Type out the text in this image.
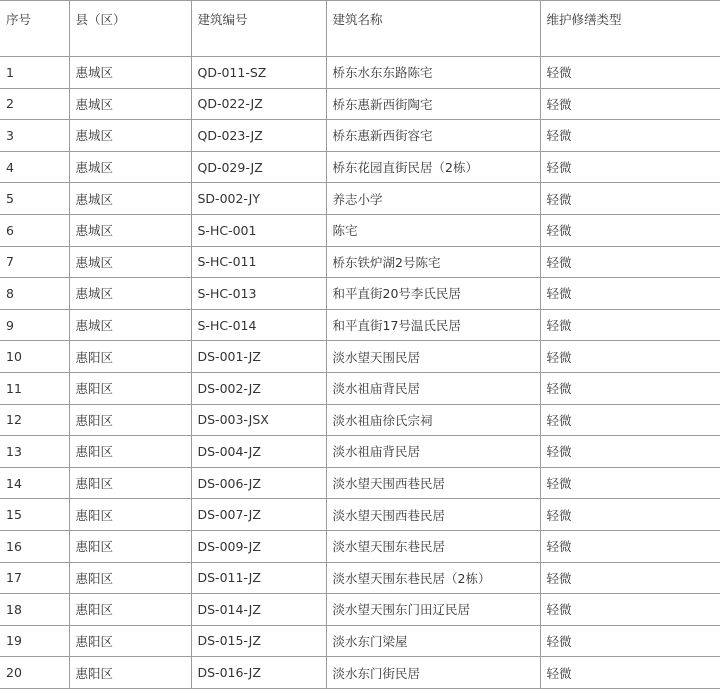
序号	县（区）	建筑编号	建筑名称	维护修缮类型
1	惠城区	QD-011-SZ	桥东水东东路陈宅	轻微
2	惠城区	QD-022-JZ	桥东惠新西街陶宅	轻微
3	惠城区	QD-023-JZ	桥东惠新西街容宅	轻微
4	惠城区	QD-029-JZ	桥东花园直街民居（2栋）	轻微
5	惠城区	SD-002-JY	养志小学	轻微
6	惠城区	S-HC-001	陈宅	轻微
7	惠城区	S-HC-011	桥东铁炉湖2号陈宅	轻微
8	惠城区	S-HC-013	和平直街20号李氏民居	轻微
9	惠城区	S-HC-014	和平直街17号温氏民居	轻微
10	惠阳区	DS-001-JZ	淡水望天围民居	轻微
11	惠阳区	DS-002-JZ	淡水祖庙背民居	轻微
12	惠阳区	DS-003-JSX	淡水祖庙徐氏宗祠	轻微
13	惠阳区	DS-004-JZ	淡水祖庙背民居	轻微
14	惠阳区	DS-006-JZ	淡水望天围西巷民居	轻微
15	惠阳区	DS-007-JZ	淡水望天围西巷民居	轻微
16	惠阳区	DS-009-JZ	淡水望天围东巷民居	轻微
17	惠阳区	DS-011-JZ	淡水望天围东巷民居（2栋）	轻微
18	惠阳区	DS-014-JZ	淡水望天围东门田辽民居	轻微
19	惠阳区	DS-015-JZ	淡水东门梁屋	轻微
20	惠阳区	DS-016-JZ	淡水东门街民居	轻微
